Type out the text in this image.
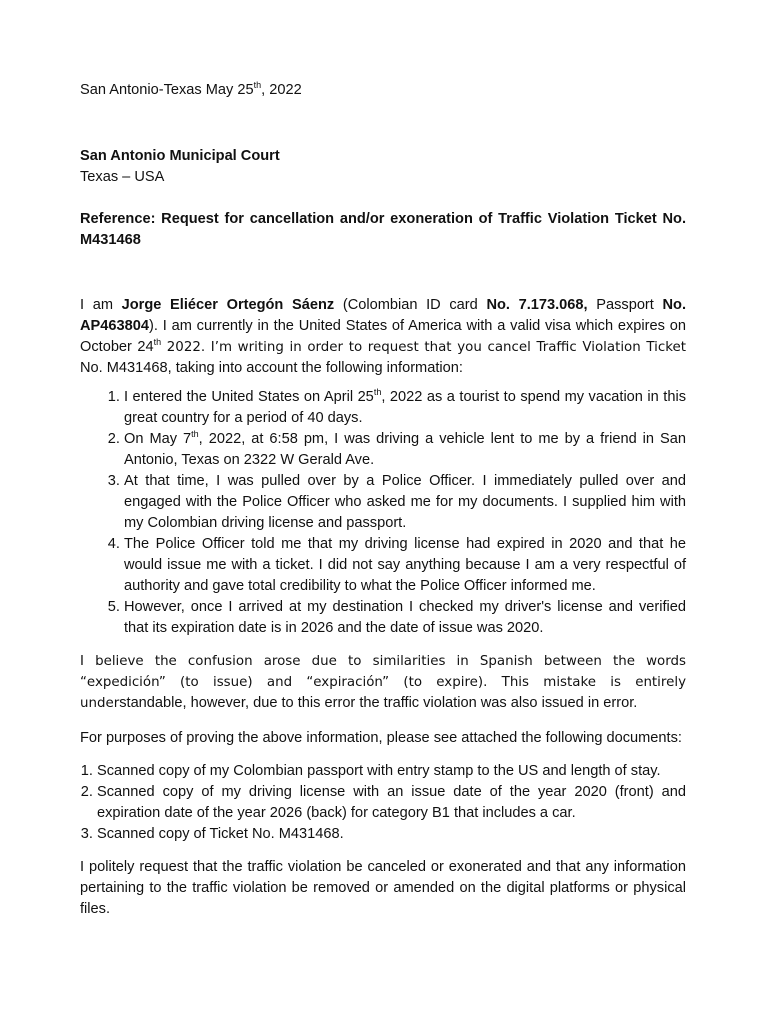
San Antonio-Texas May 25th, 2022

San Antonio Municipal Court

Texas – USA

Reference: Request for cancellation and/or exoneration of Traffic Violation Ticket No. M431468

I am Jorge Eliécer Ortegón Sáenz (Colombian ID card No. 7.173.068, Passport No. AP463804). I am currently in the United States of America with a valid visa which expires on October 24th 2022. I’m writing in order to request that you cancel Traffic Violation Ticket No. M431468, taking into account the following information:

1. I entered the United States on April 25th, 2022 as a tourist to spend my vacation in this great country for a period of 40 days.
2. On May 7th, 2022, at 6:58 pm, I was driving a vehicle lent to me by a friend in San Antonio, Texas on 2322 W Gerald Ave.
3. At that time, I was pulled over by a Police Officer. I immediately pulled over and engaged with the Police Officer who asked me for my documents. I supplied him with my Colombian driving license and passport.
4. The Police Officer told me that my driving license had expired in 2020 and that he would issue me with a ticket. I did not say anything because I am a very respectful of authority and gave total credibility to what the Police Officer informed me.
5. However, once I arrived at my destination I checked my driver's license and verified that its expiration date is in 2026 and the date of issue was 2020.

I believe the confusion arose due to similarities in Spanish between the words “expedición” (to issue) and “expiración” (to expire). This mistake is entirely understandable, however, due to this error the traffic violation was also issued in error.

For purposes of proving the above information, please see attached the following documents:

1. Scanned copy of my Colombian passport with entry stamp to the US and length of stay.
2. Scanned copy of my driving license with an issue date of the year 2020 (front) and expiration date of the year 2026 (back) for category B1 that includes a car.
3. Scanned copy of Ticket No. M431468.

I politely request that the traffic violation be canceled or exonerated and that any information pertaining to the traffic violation be removed or amended on the digital platforms or physical files.
